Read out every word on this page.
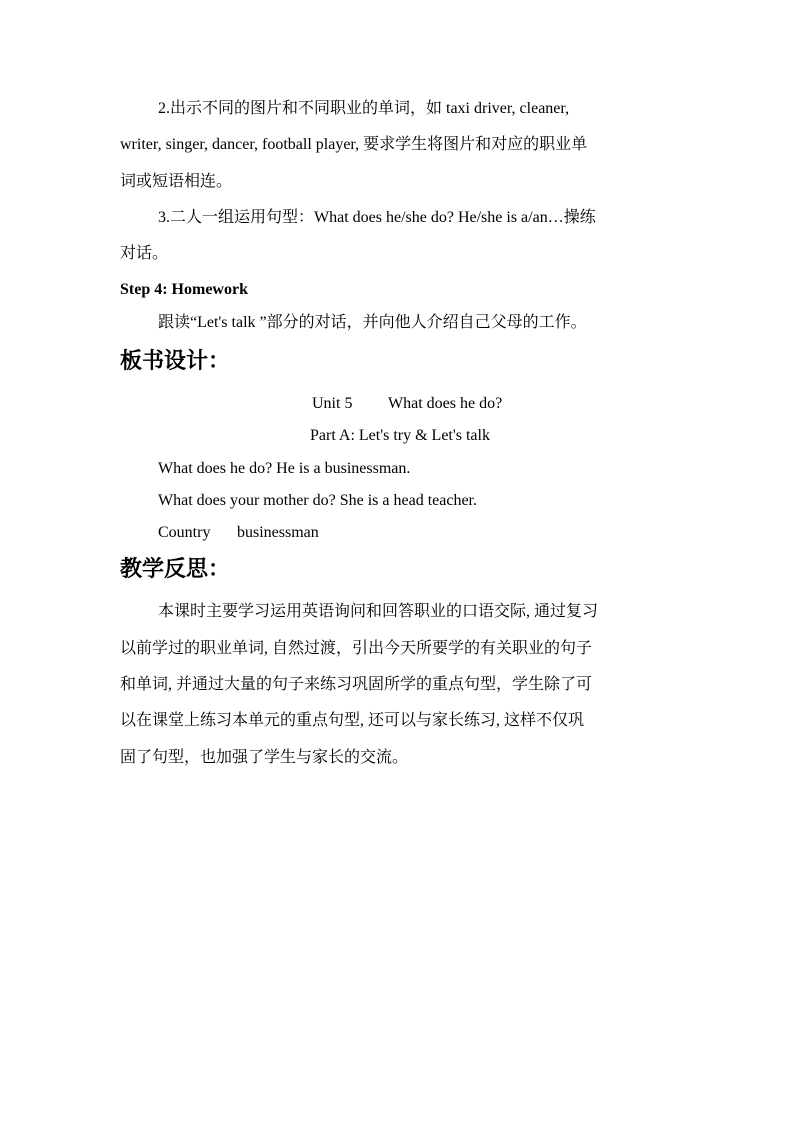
2.出示不同的图片和不同职业的单词，如 taxi driver, cleaner,
writer, singer, dancer, football player, 要求学生将图片和对应的职业单
词或短语相连。
3.二人一组运用句型：What does he/she do? He/she is a/an…操练
对话。
Step 4: Homework
跟读“Let's talk ”部分的对话，并向他人介绍自己父母的工作。
板书设计：
Unit 5 What does he do?
Part A: Let's try & Let's talk
What does he do? He is a businessman.
What does your mother do? She is a head teacher.
Country businessman
教学反思：
本课时主要学习运用英语询问和回答职业的口语交际, 通过复习
以前学过的职业单词, 自然过渡，引出今天所要学的有关职业的句子
和单词, 并通过大量的句子来练习巩固所学的重点句型，学生除了可
以在课堂上练习本单元的重点句型, 还可以与家长练习, 这样不仅巩
固了句型，也加强了学生与家长的交流。
